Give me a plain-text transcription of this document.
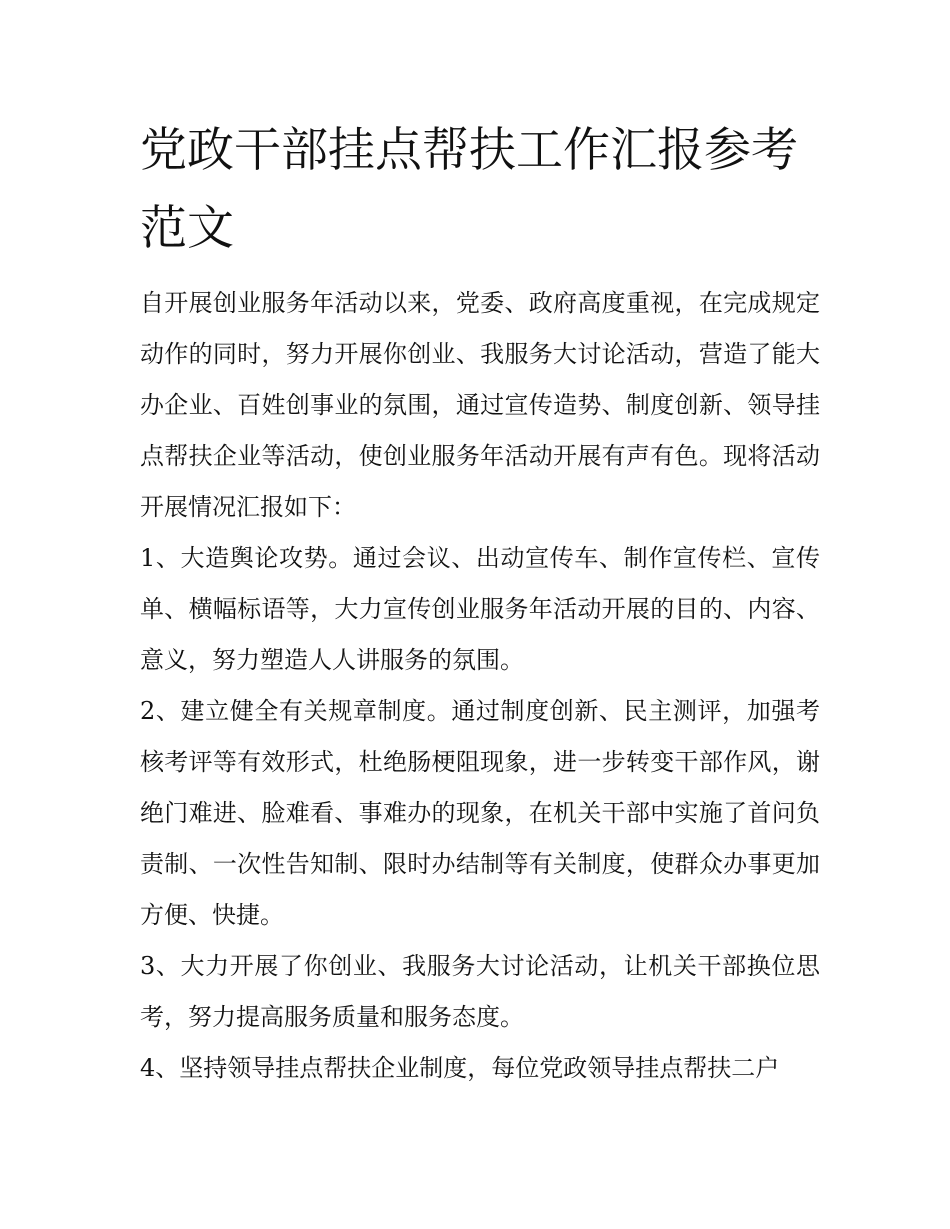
党政干部挂点帮扶工作汇报参考范文

自开展创业服务年活动以来，党委、政府高度重视，在完成规定动作的同时，努力开展你创业、我服务大讨论活动，营造了能大办企业、百姓创事业的氛围，通过宣传造势、制度创新、领导挂点帮扶企业等活动，使创业服务年活动开展有声有色。现将活动开展情况汇报如下：

1、大造舆论攻势。通过会议、出动宣传车、制作宣传栏、宣传单、横幅标语等，大力宣传创业服务年活动开展的目的、内容、意义，努力塑造人人讲服务的氛围。

2、建立健全有关规章制度。通过制度创新、民主测评，加强考核考评等有效形式，杜绝肠梗阻现象，进一步转变干部作风，谢绝门难进、脸难看、事难办的现象，在机关干部中实施了首问负责制、一次性告知制、限时办结制等有关制度，使群众办事更加方便、快捷。

3、大力开展了你创业、我服务大讨论活动，让机关干部换位思考，努力提高服务质量和服务态度。

4、坚持领导挂点帮扶企业制度，每位党政领导挂点帮扶二户
